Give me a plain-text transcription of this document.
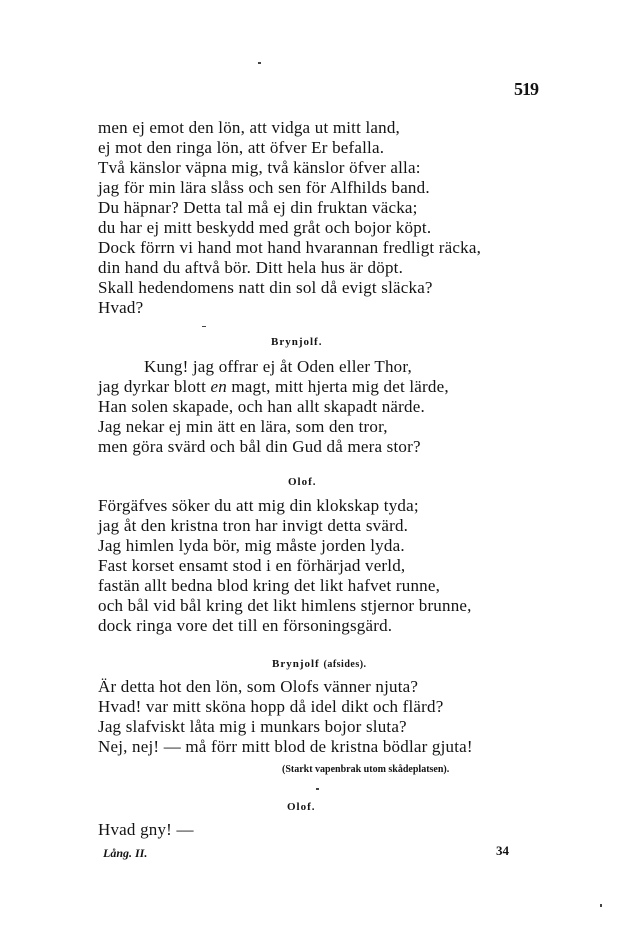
519
men ej emot den lön, att vidga ut mitt land,
ej mot den ringa lön, att öfver Er befalla.
Två känslor väpna mig, två känslor öfver alla:
jag för min lära slåss och sen för Alfhilds band.
Du häpnar? Detta tal må ej din fruktan väcka;
du har ej mitt beskydd med gråt och bojor köpt.
Dock förrn vi hand mot hand hvarannan fredligt räcka,
din hand du aftvå bör. Ditt hela hus är döpt.
Skall hedendomens natt din sol då evigt släcka?
Hvad?
Brynjolf.
Kung! jag offrar ej åt Oden eller Thor,
jag dyrkar blott en magt, mitt hjerta mig det lärde,
Han solen skapade, och han allt skapadt närde.
Jag nekar ej min ätt en lära, som den tror,
men göra svärd och bål din Gud då mera stor?
Olof.
Förgäfves söker du att mig din klokskap tyda;
jag åt den kristna tron har invigt detta svärd.
Jag himlen lyda bör, mig måste jorden lyda.
Fast korset ensamt stod i en förhärjad verld,
fastän allt bedna blod kring det likt hafvet runne,
och bål vid bål kring det likt himlens stjernor brunne,
dock ringa vore det till en försoningsgärd.
Brynjolf (afsides).
Är detta hot den lön, som Olofs vänner njuta?
Hvad! var mitt sköna hopp då idel dikt och flärd?
Jag slafviskt låta mig i munkars bojor sluta?
Nej, nej! — må förr mitt blod de kristna bödlar gjuta!
(Starkt vapenbrak utom skådeplatsen).
Olof.
Hvad gny! —
Lång. II.	34
